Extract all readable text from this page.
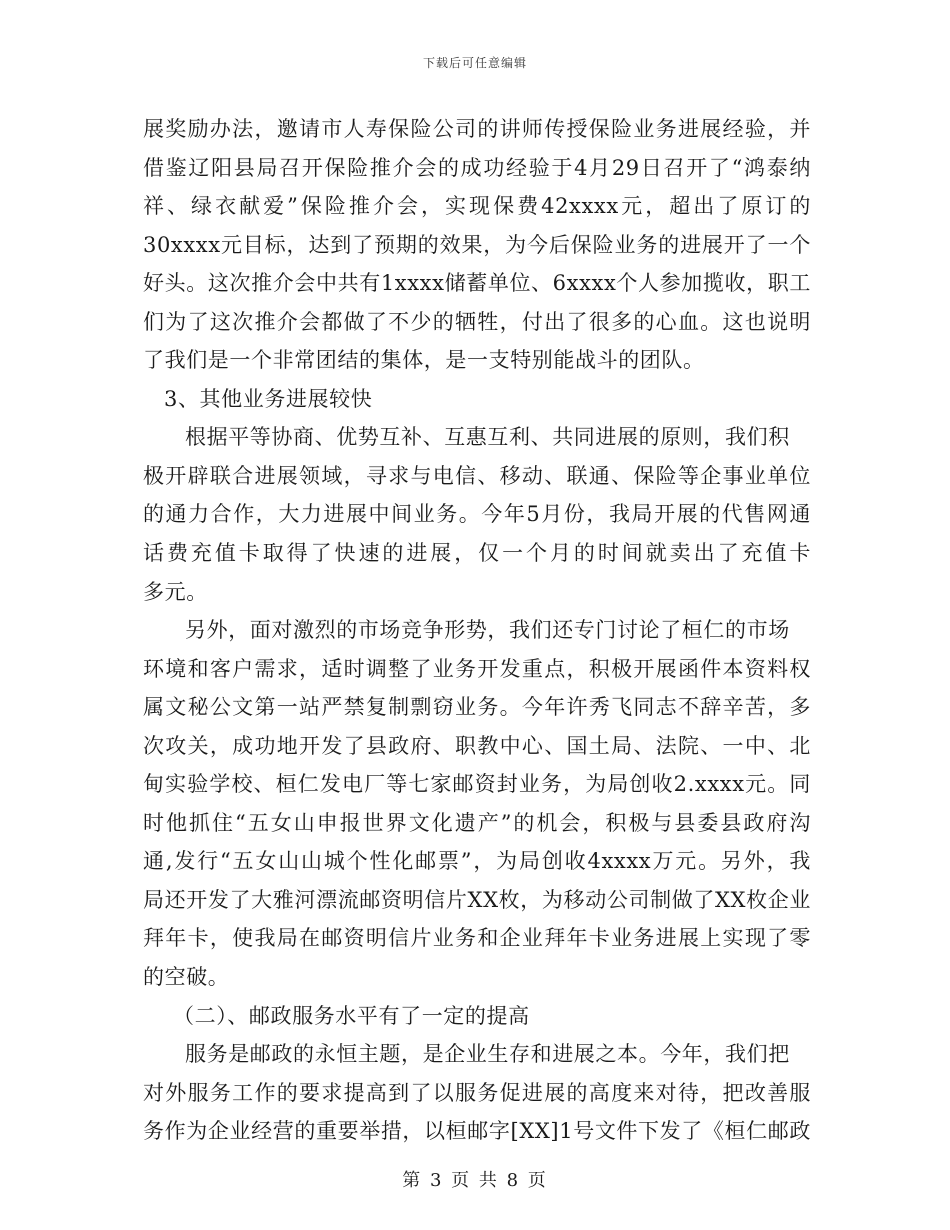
下载后可任意编辑
展奖励办法，邀请市人寿保险公司的讲师传授保险业务进展经验，并
借鉴辽阳县局召开保险推介会的成功经验于4月29日召开了“鸿泰纳
祥、绿衣献爱”保险推介会，实现保费42xxxx元，超出了原订的
30xxxx元目标，达到了预期的效果，为今后保险业务的进展开了一个
好头。这次推介会中共有1xxxx储蓄单位、6xxxx个人参加揽收，职工
们为了这次推介会都做了不少的牺牲，付出了很多的心血。这也说明
了我们是一个非常团结的集体，是一支特别能战斗的团队。
3、其他业务进展较快
根据平等协商、优势互补、互惠互利、共同进展的原则，我们积
极开辟联合进展领域，寻求与电信、移动、联通、保险等企事业单位
的通力合作，大力进展中间业务。今年5月份，我局开展的代售网通
话费充值卡取得了快速的进展，仅一个月的时间就卖出了充值卡
多元。
另外，面对激烈的市场竞争形势，我们还专门讨论了桓仁的市场
环境和客户需求，适时调整了业务开发重点，积极开展函件本资料权
属文秘公文第一站严禁复制剽窃业务。今年许秀飞同志不辞辛苦，多
次攻关，成功地开发了县政府、职教中心、国土局、法院、一中、北
甸实验学校、桓仁发电厂等七家邮资封业务，为局创收2.xxxx元。同
时他抓住“五女山申报世界文化遗产”的机会，积极与县委县政府沟
通,发行“五女山山城个性化邮票”，为局创收4xxxx万元。另外，我
局还开发了大雅河漂流邮资明信片XX枚，为移动公司制做了XX枚企业
拜年卡，使我局在邮资明信片业务和企业拜年卡业务进展上实现了零
的空破。
（二）、邮政服务水平有了一定的提高
服务是邮政的永恒主题，是企业生存和进展之本。今年，我们把
对外服务工作的要求提高到了以服务促进展的高度来对待，把改善服
务作为企业经营的重要举措，以桓邮字[XX]1号文件下发了《桓仁邮政
第 3 页 共 8 页
